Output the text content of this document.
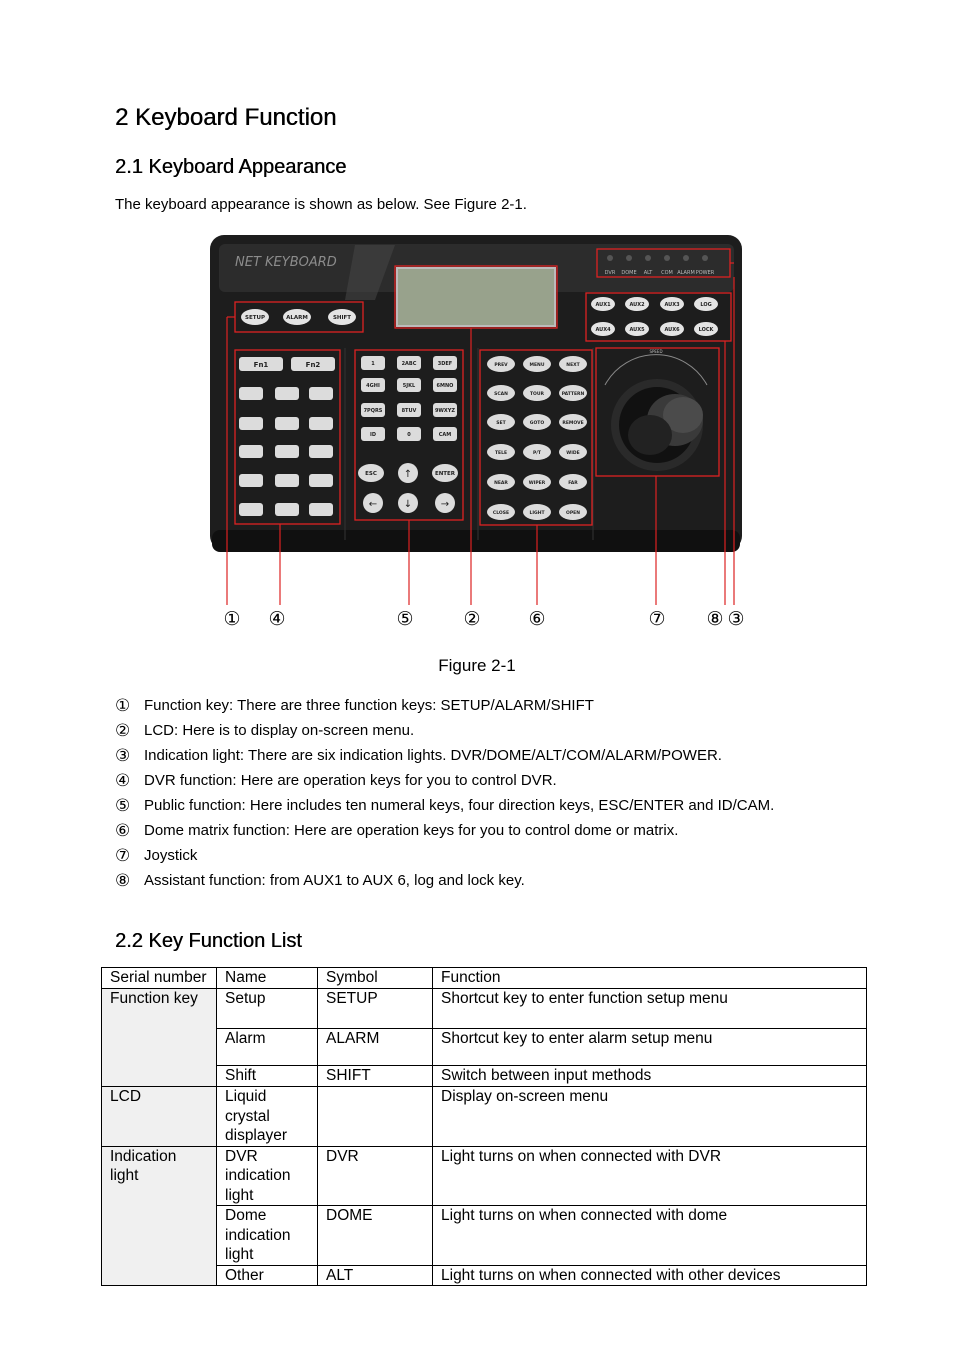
2 Keyboard Function
2.1 Keyboard Appearance
The keyboard appearance is shown as below. See Figure 2-1.
NET KEYBOARD
DVR DOME ALT COM ALARM POWER
SETUP	ALARM	SHIFT
AUX1	AUX2	AUX3	LOG
AUX4	AUX5	AUX6	LOCK
Fn1	Fn2	1	2ABC	3DEF
4GHI	5JKL	6MNO
7PQRS	8TUV	9WXYZ
ID	0	CAM
ESC	ENTER
↑
←	↓	→
PREV	MENU	NEXT
SCAN	TOUR	PATTERN
SET	GOTO	REMOVE
TELE	P/T	WIDE
NEAR	WIPER	FAR
CLOSE	LIGHT	OPEN
SPEED
① ④	⑤	②	⑥	⑦ ⑧ ③
Figure 2-1
① Function key: There are three function keys: SETUP/ALARM/SHIFT
② LCD: Here is to display on-screen menu.
③ Indication light: There are six indication lights. DVR/DOME/ALT/COM/ALARM/POWER.
④ DVR function: Here are operation keys for you to control DVR.
⑤ Public function: Here includes ten numeral keys, four direction keys, ESC/ENTER and ID/CAM.
⑥ Dome matrix function: Here are operation keys for you to control dome or matrix.
⑦ Joystick
⑧ Assistant function: from AUX1 to AUX 6, log and lock key.
2.2 Key Function List
Serial number	Name	Symbol	Function
Function key	Setup	SETUP	Shortcut key to enter function setup menu
	Alarm	ALARM	Shortcut key to enter alarm setup menu
	Shift	SHIFT	Switch between input methods
LCD	Liquid crystal displayer		Display on-screen menu
Indication light	DVR indication light	DVR	Light turns on when connected with DVR
	Dome indication light	DOME	Light turns on when connected with dome
	Other	ALT	Light turns on when connected with other devices
